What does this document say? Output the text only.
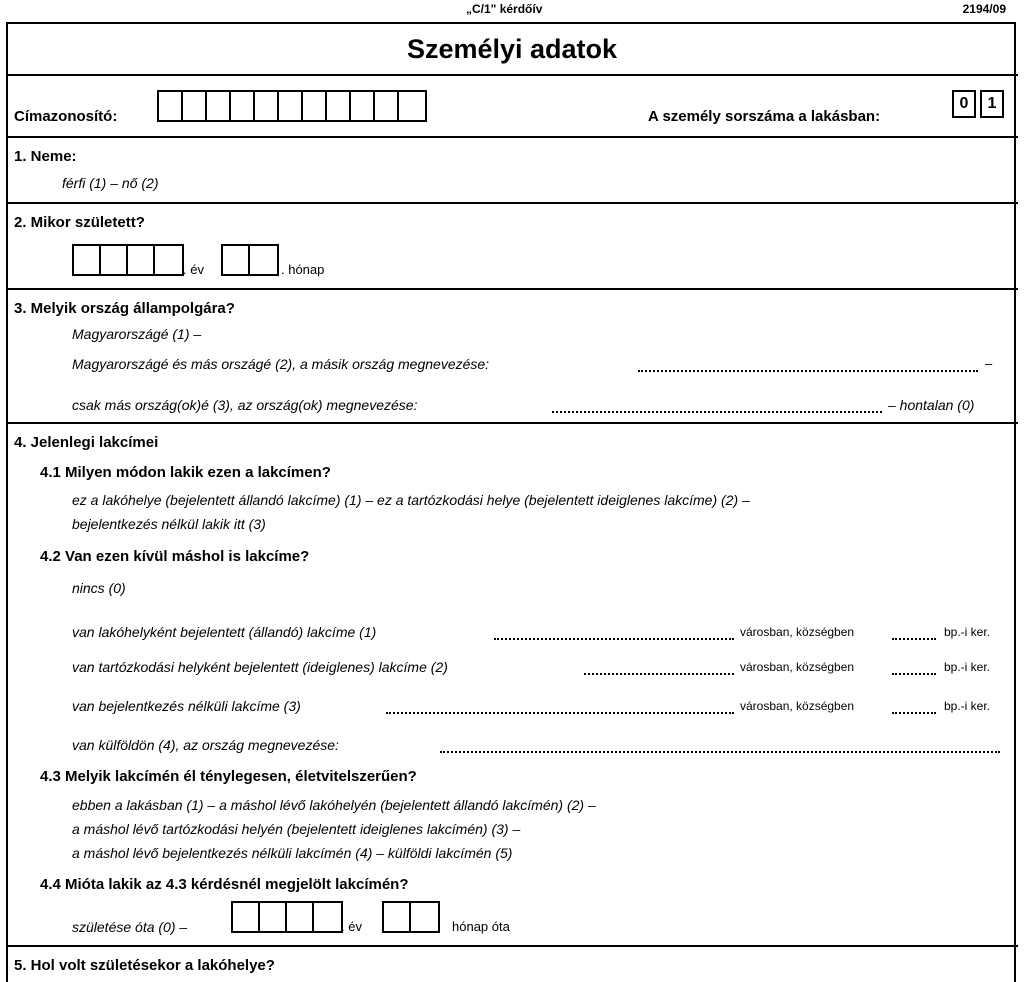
„C/1" kérdőív	2194/09
Személyi adatok
Címazonosító:	A személy sorszáma a lakásban:
0	1
1. Neme:
férfi (1) – nő (2)
2. Mikor született?
. év	. hónap
3. Melyik ország állampolgára?
Magyarországé (1) –
Magyarországé és más országé (2), a másik ország megnevezése:	–
csak más ország(ok)é (3), az ország(ok) megnevezése:	– hontalan (0)
4. Jelenlegi lakcímei
4.1 Milyen módon lakik ezen a lakcímen?
ez a lakóhelye (bejelentett állandó lakcíme) (1) – ez a tartózkodási helye (bejelentett ideiglenes lakcíme) (2) –
bejelentkezés nélkül lakik itt (3)
4.2 Van ezen kívül máshol is lakcíme?
nincs (0)
van lakóhelyként bejelentett (állandó) lakcíme (1)	városban, községben	bp.-i ker.
van tartózkodási helyként bejelentett (ideiglenes) lakcíme (2)	városban, községben	bp.-i ker.
van bejelentkezés nélküli lakcíme (3)	városban, községben	bp.-i ker.
van külföldön (4), az ország megnevezése:
4.3 Melyik lakcímén él ténylegesen, életvitelszerűen?
ebben a lakásban (1) – a máshol lévő lakóhelyén (bejelentett állandó lakcímén) (2) –
a máshol lévő tartózkodási helyén (bejelentett ideiglenes lakcímén) (3) –
a máshol lévő bejelentkezés nélküli lakcímén (4) – külföldi lakcímén (5)
4.4 Mióta lakik az 4.3 kérdésnél megjelölt lakcímén?
születése óta (0) –	. év	hónap óta
5. Hol volt születésekor a lakóhelye?
